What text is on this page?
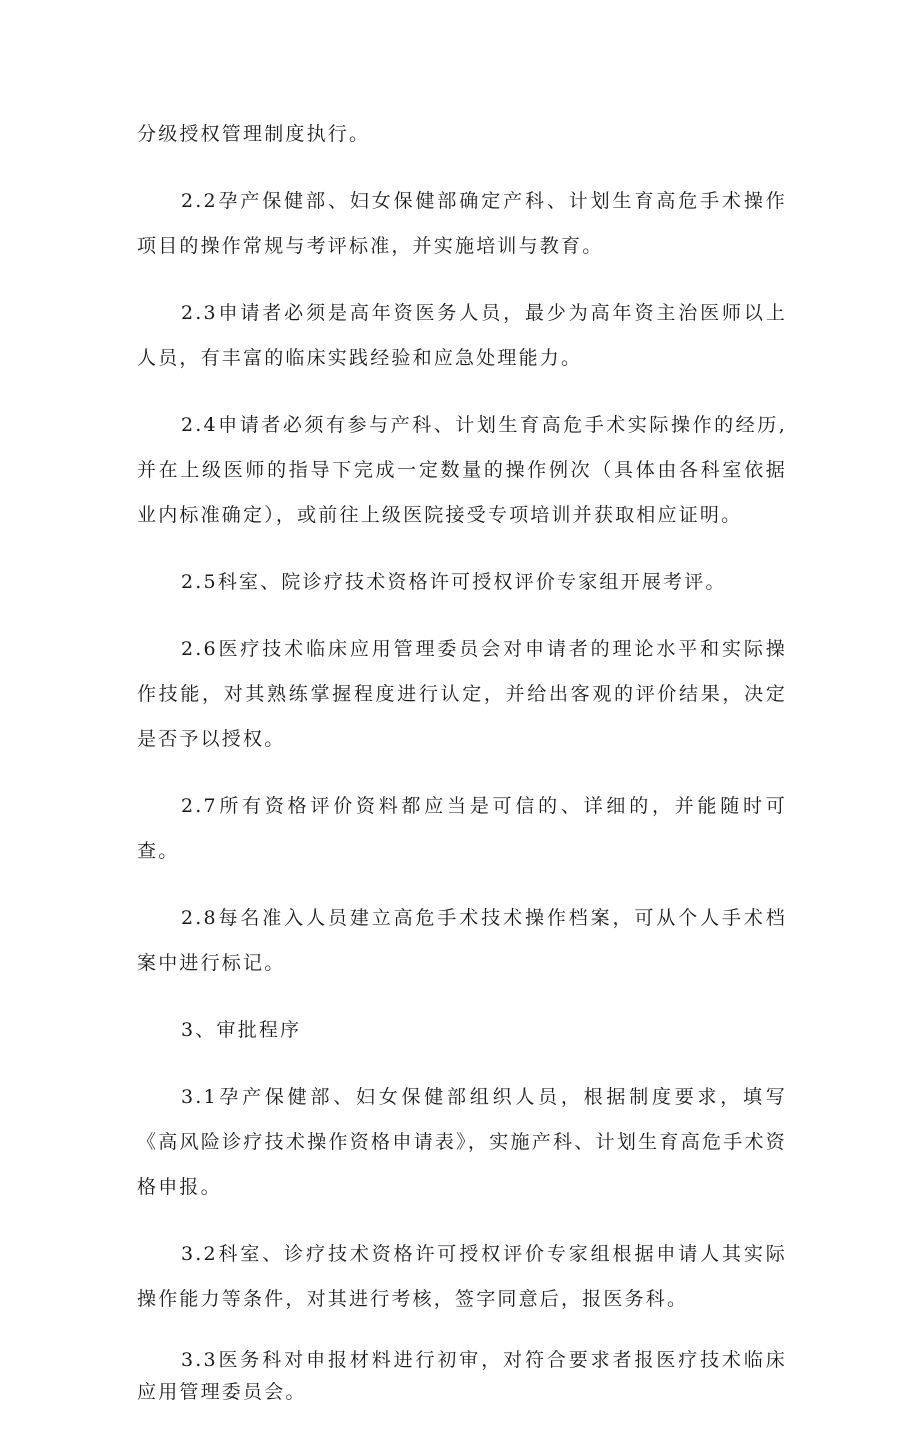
分级授权管理制度执行。

2.2孕产保健部、妇女保健部确定产科、计划生育高危手术操作项目的操作常规与考评标准，并实施培训与教育。

2.3申请者必须是高年资医务人员，最少为高年资主治医师以上人员，有丰富的临床实践经验和应急处理能力。

2.4申请者必须有参与产科、计划生育高危手术实际操作的经历,并在上级医师的指导下完成一定数量的操作例次（具体由各科室依据业内标准确定），或前往上级医院接受专项培训并获取相应证明。

2.5科室、院诊疗技术资格许可授权评价专家组开展考评。

2.6医疗技术临床应用管理委员会对申请者的理论水平和实际操作技能，对其熟练掌握程度进行认定，并给出客观的评价结果，决定是否予以授权。

2.7所有资格评价资料都应当是可信的、详细的，并能随时可查。

2.8每名准入人员建立高危手术技术操作档案，可从个人手术档案中进行标记。

3、审批程序

3.1孕产保健部、妇女保健部组织人员，根据制度要求，填写《高风险诊疗技术操作资格申请表》，实施产科、计划生育高危手术资格申报。

3.2科室、诊疗技术资格许可授权评价专家组根据申请人其实际操作能力等条件，对其进行考核，签字同意后，报医务科。

3.3医务科对申报材料进行初审，对符合要求者报医疗技术临床应用管理委员会。
